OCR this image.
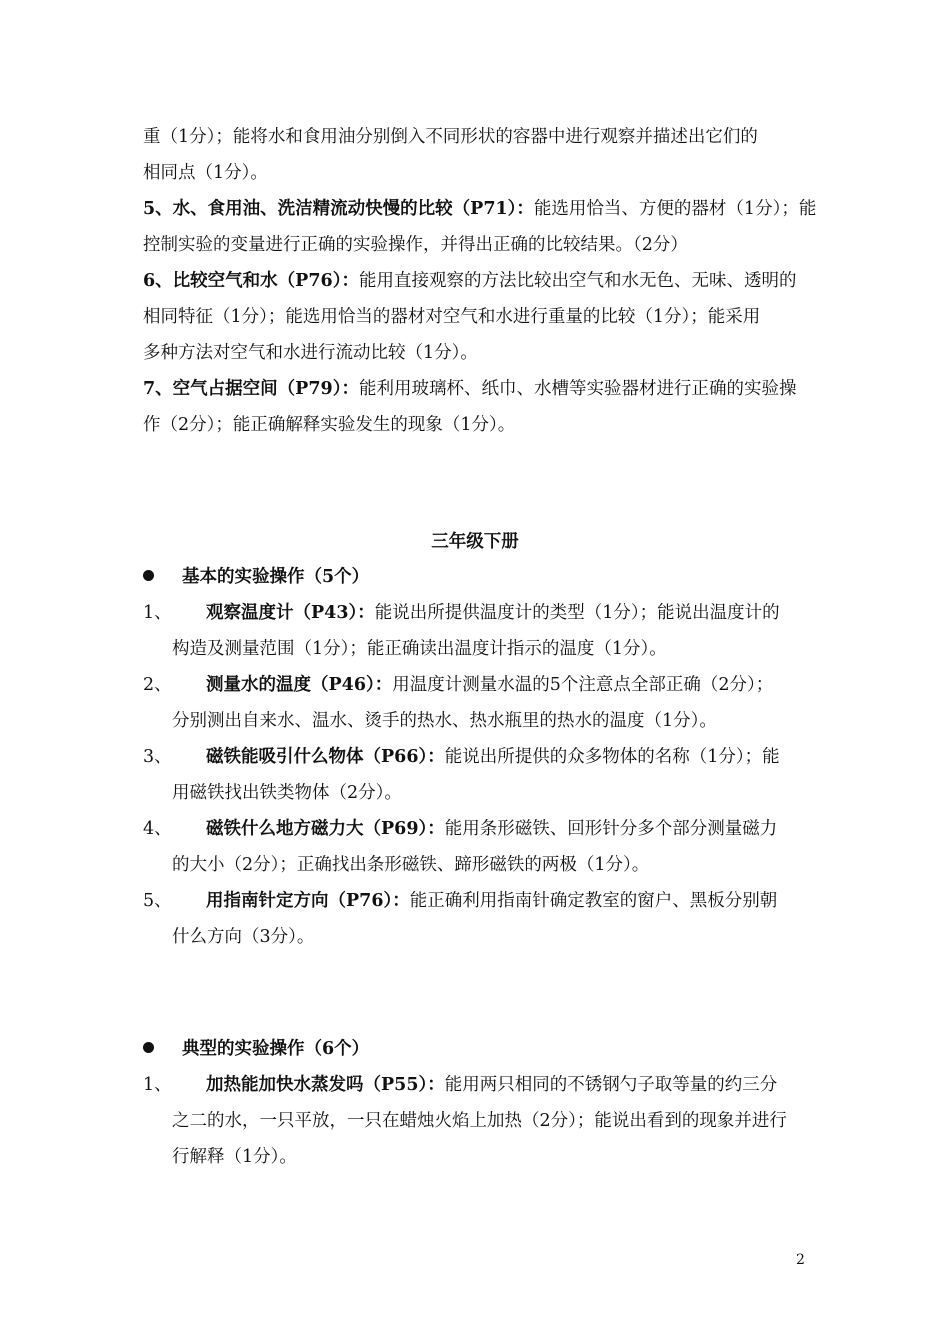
重（1分）；能将水和食用油分别倒入不同形状的容器中进行观察并描述出它们的
相同点（1分）。
5、水、食用油、洗洁精流动快慢的比较（P71）：能选用恰当、方便的器材（1分）；能
控制实验的变量进行正确的实验操作，并得出正确的比较结果。（2分）
6、比较空气和水（P76）：能用直接观察的方法比较出空气和水无色、无味、透明的
相同特征（1分）；能选用恰当的器材对空气和水进行重量的比较（1分）；能采用
多种方法对空气和水进行流动比较（1分）。
7、空气占据空间（P79）：能利用玻璃杯、纸巾、水槽等实验器材进行正确的实验操
作（2分）；能正确解释实验发生的现象（1分）。
三年级下册
基本的实验操作（5个）
1、	观察温度计（P43）：能说出所提供温度计的类型（1分）；能说出温度计的
构造及测量范围（1分）；能正确读出温度计指示的温度（1分）。
2、	测量水的温度（P46）：用温度计测量水温的5个注意点全部正确（2分）；
分别测出自来水、温水、烫手的热水、热水瓶里的热水的温度（1分）。
3、	磁铁能吸引什么物体（P66）：能说出所提供的众多物体的名称（1分）；能
用磁铁找出铁类物体（2分）。
4、	磁铁什么地方磁力大（P69）：能用条形磁铁、回形针分多个部分测量磁力
的大小（2分）；正确找出条形磁铁、蹄形磁铁的两极（1分）。
5、	用指南针定方向（P76）：能正确利用指南针确定教室的窗户、黑板分别朝
什么方向（3分）。
典型的实验操作（6个）
1、	加热能加快水蒸发吗（P55）：能用两只相同的不锈钢勺子取等量的约三分
之二的水，一只平放，一只在蜡烛火焰上加热（2分）；能说出看到的现象并进行
行解释（1分）。
2
